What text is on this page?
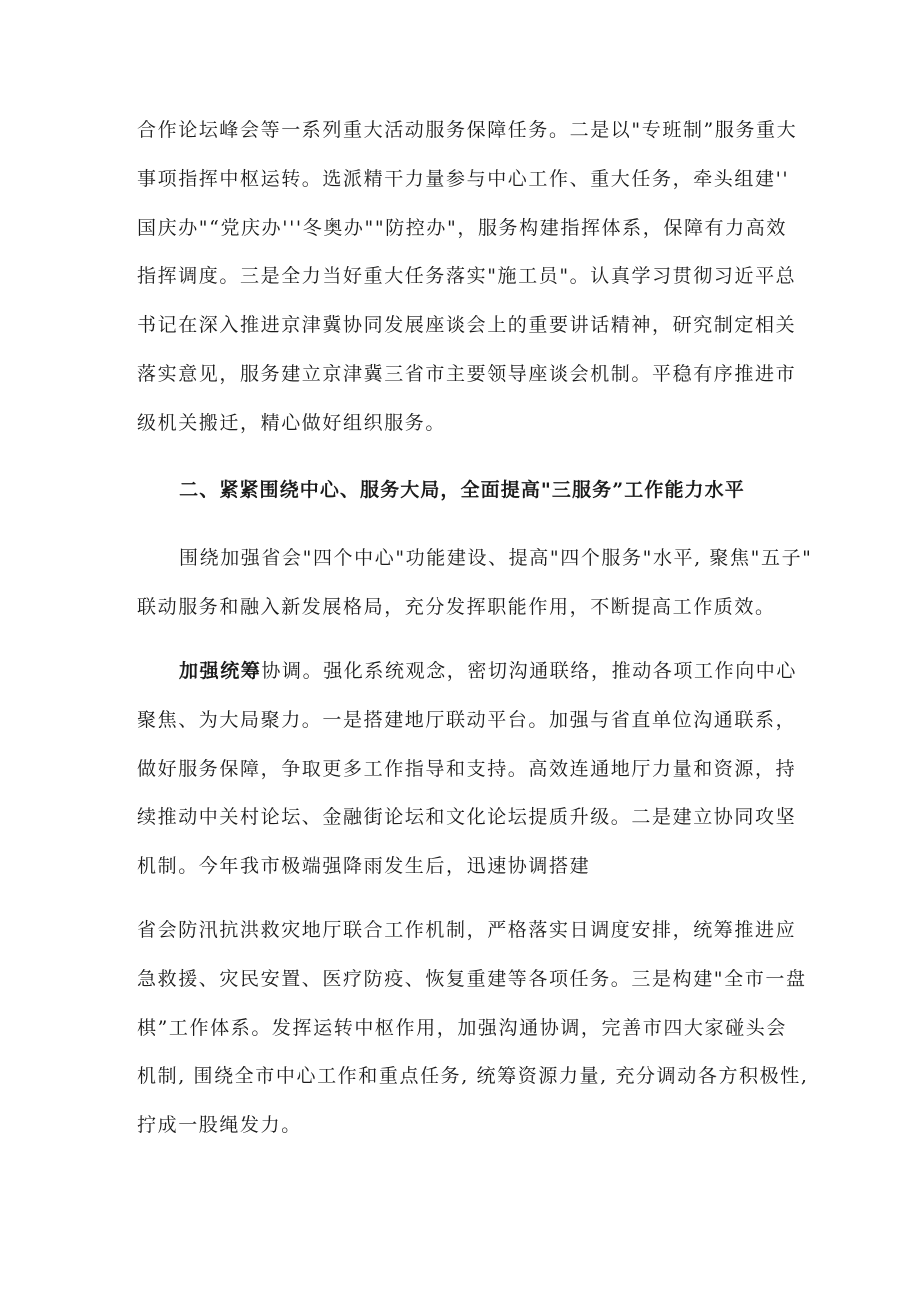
合作论坛峰会等一系列重大活动服务保障任务。二是以"专班制”服务重大
事项指挥中枢运转。选派精干力量参与中心工作、重大任务，牵头组建''
国庆办"“党庆办'''冬奥办""防控办"，服务构建指挥体系，保障有力高效
指挥调度。三是全力当好重大任务落实"施工员"。认真学习贯彻习近平总
书记在深入推进京津冀协同发展座谈会上的重要讲话精神，研究制定相关
落实意见，服务建立京津冀三省市主要领导座谈会机制。平稳有序推进市
级机关搬迁，精心做好组织服务。
二、紧紧围绕中心、服务大局，全面提高"三服务”工作能力水平
围绕加强省会"四个中心"功能建设、提高"四个服务"水平, 聚焦"五子"
联动服务和融入新发展格局，充分发挥职能作用，不断提高工作质效。
加强统筹协调。强化系统观念，密切沟通联络，推动各项工作向中心
聚焦、为大局聚力。一是搭建地厅联动平台。加强与省直单位沟通联系，
做好服务保障，争取更多工作指导和支持。高效连通地厅力量和资源，持
续推动中关村论坛、金融街论坛和文化论坛提质升级。二是建立协同攻坚
机制。今年我市极端强降雨发生后，迅速协调搭建
省会防汛抗洪救灾地厅联合工作机制，严格落实日调度安排，统筹推进应
急救援、灾民安置、医疗防疫、恢复重建等各项任务。三是构建"全市一盘
棋”工作体系。发挥运转中枢作用，加强沟通协调，完善市四大家碰头会
机制, 围绕全市中心工作和重点任务, 统筹资源力量, 充分调动各方积极性,
拧成一股绳发力。
